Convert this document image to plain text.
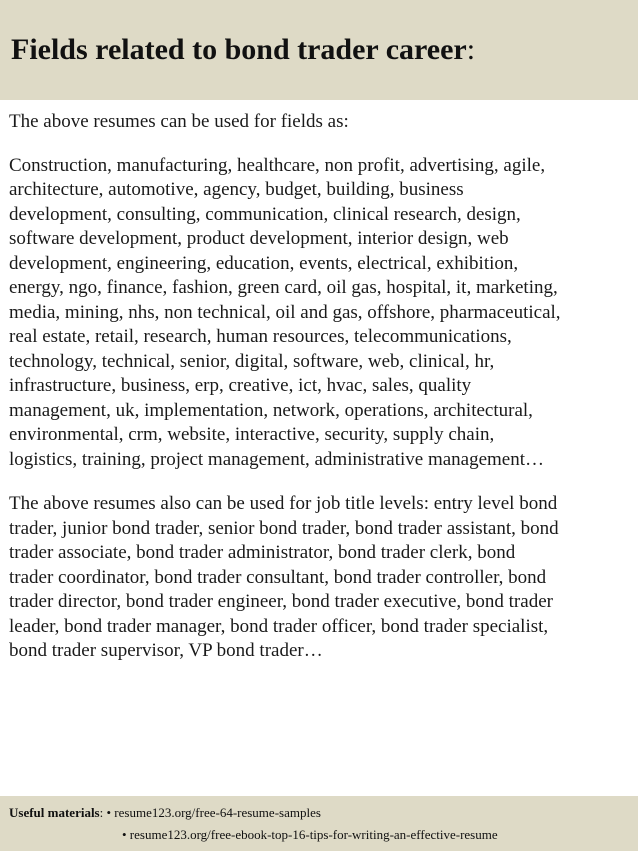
Fields related to bond trader career:

The above resumes can be used for fields as:

Construction, manufacturing, healthcare, non profit, advertising, agile,
architecture, automotive, agency, budget, building, business
development, consulting, communication, clinical research, design,
software development, product development, interior design, web
development, engineering, education, events, electrical, exhibition,
energy, ngo, finance, fashion, green card, oil gas, hospital, it, marketing,
media, mining, nhs, non technical, oil and gas, offshore, pharmaceutical,
real estate, retail, research, human resources, telecommunications,
technology, technical, senior, digital, software, web, clinical, hr,
infrastructure, business, erp, creative, ict, hvac, sales, quality
management, uk, implementation, network, operations, architectural,
environmental, crm, website, interactive, security, supply chain,
logistics, training, project management, administrative management…

The above resumes also can be used for job title levels: entry level bond
trader, junior bond trader, senior bond trader, bond trader assistant, bond
trader associate, bond trader administrator, bond trader clerk, bond
trader coordinator, bond trader consultant, bond trader controller, bond
trader director, bond trader engineer, bond trader executive, bond trader
leader, bond trader manager, bond trader officer, bond trader specialist,
bond trader supervisor, VP bond trader…

Useful materials: • resume123.org/free-64-resume-samples
• resume123.org/free-ebook-top-16-tips-for-writing-an-effective-resume
